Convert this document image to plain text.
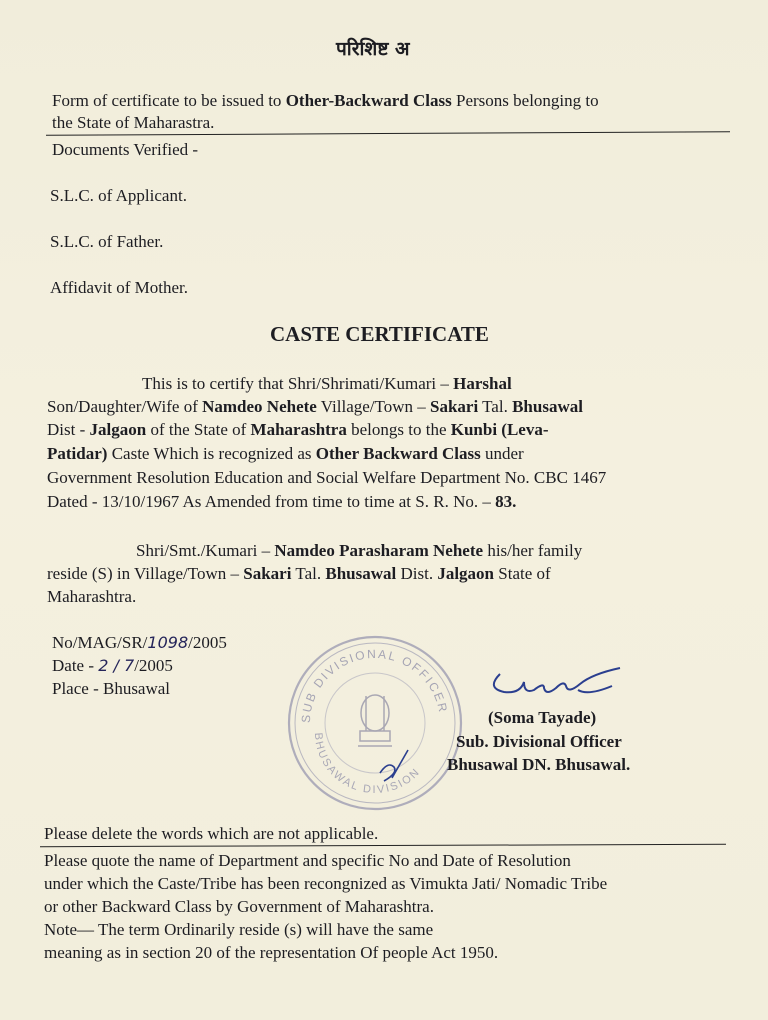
परिशिष्ट अ
Form of certificate to be issued to Other-Backward Class Persons belonging to
the State of Maharastra.
Documents Verified -
S.L.C. of Applicant.
S.L.C. of Father.
Affidavit of Mother.
CASTE CERTIFICATE
This is to certify that Shri/Shrimati/Kumari – Harshal
Son/Daughter/Wife of Namdeo Nehete Village/Town – Sakari Tal. Bhusawal
Dist - Jalgaon of the State of Maharashtra belongs to the Kunbi (Leva-
Patidar) Caste Which is recognized as Other Backward Class under
Government Resolution Education and Social Welfare Department No. CBC 1467
Dated - 13/10/1967 As Amended from time to time at S. R. No. – 83.
Shri/Smt./Kumari – Namdeo Parasharam Nehete his/her family
reside (S) in Village/Town – Sakari Tal. Bhusawal Dist. Jalgaon State of
Maharashtra.
No/MAG/SR/1098/2005
Date - 2 / 7/2005
Place - Bhusawal
SUB DIVISIONAL OFFICER
BHUSAWAL DIVISION
(Soma Tayade)
Sub. Divisional Officer
Bhusawal DN. Bhusawal.
Please delete the words which are not applicable.
Please quote the name of Department and specific No and Date of Resolution
under which the Caste/Tribe has been recongnized as Vimukta Jati/ Nomadic Tribe
or other Backward Class by Government of Maharashtra.
Note— The term Ordinarily reside (s) will have the same
meaning as in section 20 of the representation Of people Act 1950.
